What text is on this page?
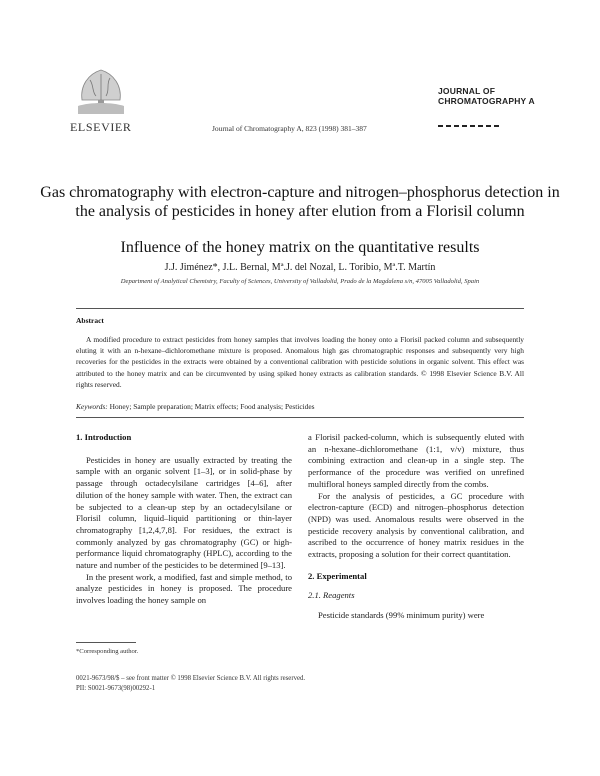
ELSEVIER	Journal of Chromatography A, 823 (1998) 381–387
JOURNAL OF
CHROMATOGRAPHY A
Gas chromatography with electron-capture and nitrogen–phosphorus detection in the analysis of pesticides in honey after elution from a Florisil column
Influence of the honey matrix on the quantitative results
J.J. Jiménez*, J.L. Bernal, Mª.J. del Nozal, L. Toribio, Mª.T. Martín
Department of Analytical Chemistry, Faculty of Sciences, University of Valladolid, Prado de la Magdalena s/n, 47005 Valladolid, Spain
Abstract
A modified procedure to extract pesticides from honey samples that involves loading the honey onto a Florisil packed column and subsequently eluting it with an n-hexane–dichloromethane mixture is proposed. Anomalous high gas chromatographic responses and subsequently very high recoveries for the pesticides in the extracts were obtained by a conventional calibration with pesticide solutions in organic solvent. This effect was attributed to the honey matrix and can be circumvented by using spiked honey extracts as calibration standards. © 1998 Elsevier Science B.V. All rights reserved.
Keywords: Honey; Sample preparation; Matrix effects; Food analysis; Pesticides
1. Introduction

Pesticides in honey are usually extracted by treating the sample with an organic solvent [1–3], or in solid-phase by passage through octadecylsilane cartridges [4–6], after dilution of the honey sample with water. Then, the extract can be subjected to a clean-up step by an octadecylsilane or Florisil column, liquid–liquid partitioning or thin-layer chromatography [1,2,4,7,8]. For residues, the extract is commonly analyzed by gas chromatography (GC) or high-performance liquid chromatography (HPLC), according to the nature and number of the pesticides to be determined [9–13].

In the present work, a modified, fast and simple method, to analyze pesticides in honey is proposed. The procedure involves loading the honey sample on

a Florisil packed-column, which is subsequently eluted with an n-hexane–dichloromethane (1:1, v/v) mixture, thus combining extraction and clean-up in a single step. The performance of the procedure was verified on unrefined multifloral honeys sampled directly from the combs.

For the analysis of pesticides, a GC procedure with electron-capture (ECD) and nitrogen–phosphorus detection (NPD) was used. Anomalous results were observed in the pesticide recovery analysis by conventional calibration, and ascribed to the occurrence of honey matrix residues in the extracts, proposing a solution for their correct quantitation.

2. Experimental
2.1. Reagents

Pesticide standards (99% minimum purity) were

*Corresponding author.
0021-9673/98/$ – see front matter © 1998 Elsevier Science B.V. All rights reserved.
PII: S0021-9673(98)00292-1
